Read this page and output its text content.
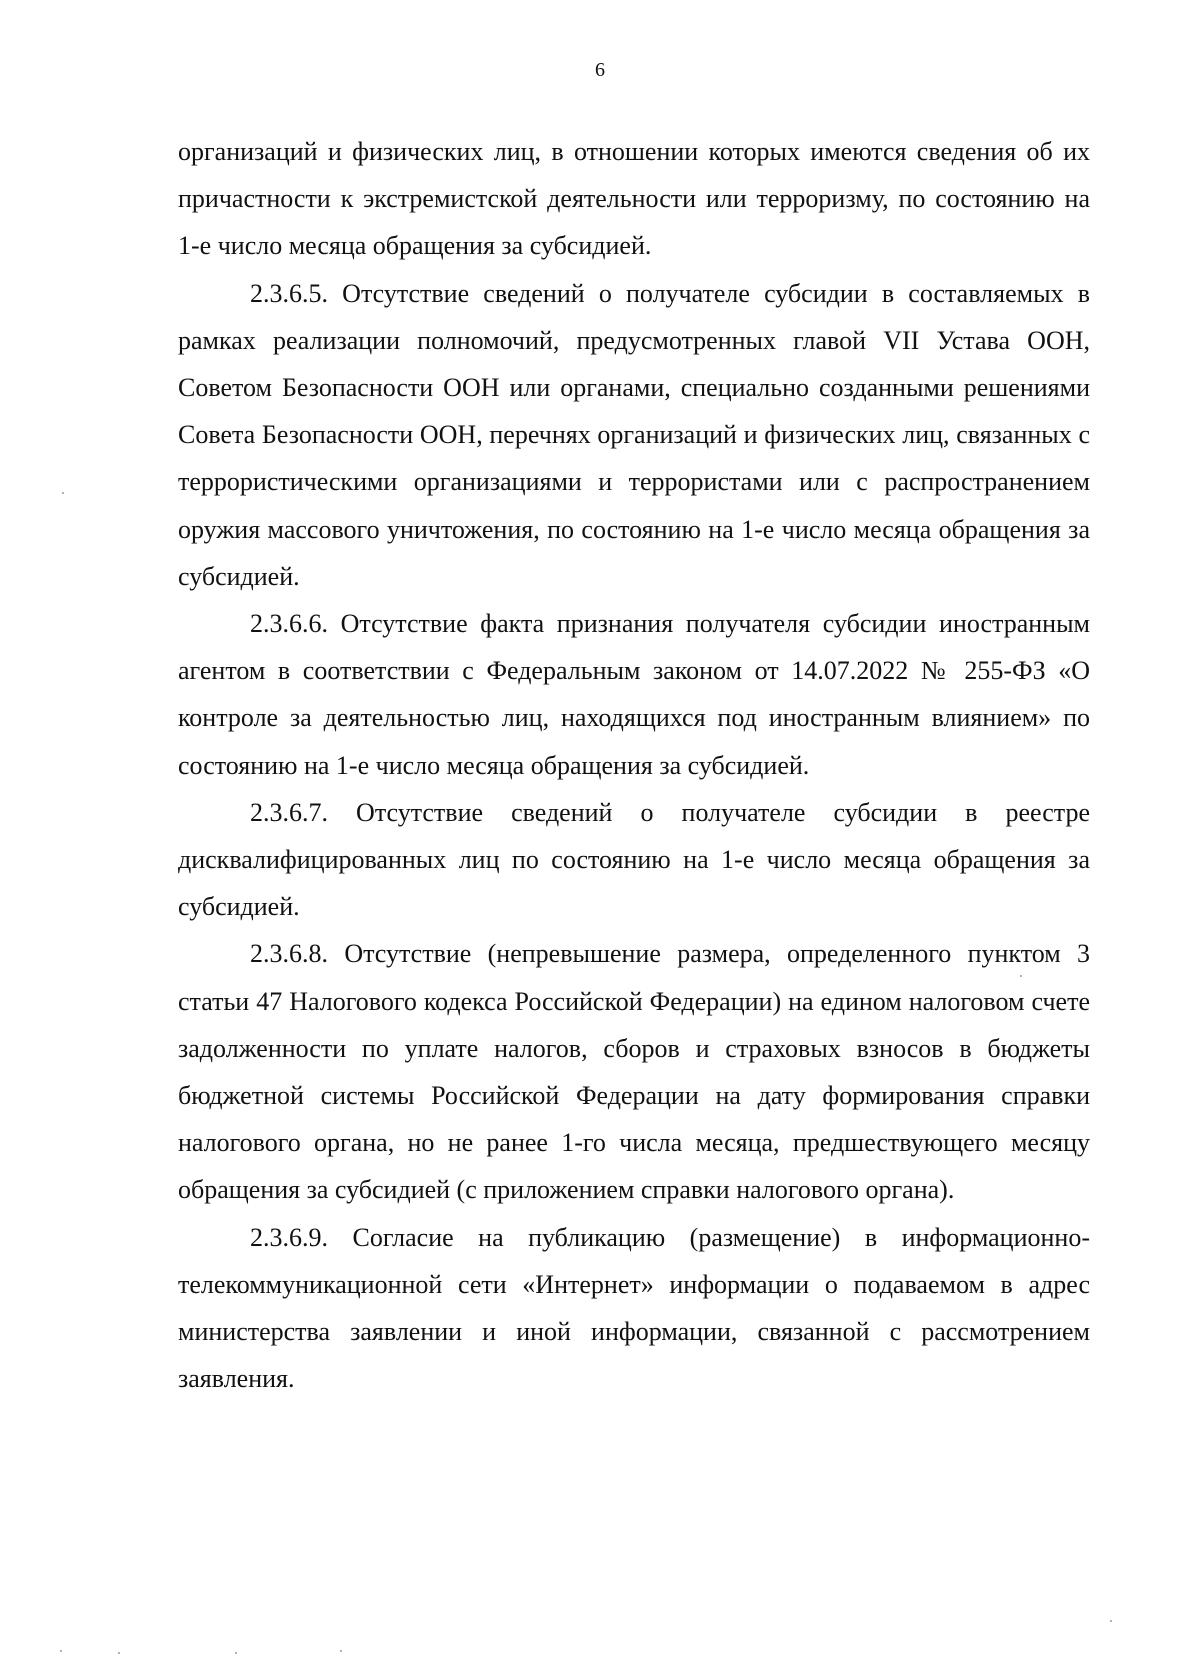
6

организаций и физических лиц, в отношении которых имеются сведения об их причастности к экстремистской деятельности или терроризму, по состоянию на 1-е число месяца обращения за субсидией.

2.3.6.5. Отсутствие сведений о получателе субсидии в составляемых в рамках реализации полномочий, предусмотренных главой VII Устава ООН, Советом Безопасности ООН или органами, специально созданными решениями Совета Безопасности ООН, перечнях организаций и физических лиц, связанных с террористическими организациями и террористами или с распространением оружия массового уничтожения, по состоянию на 1-е число месяца обращения за субсидией.

2.3.6.6. Отсутствие факта признания получателя субсидии иностранным агентом в соответствии с Федеральным законом от 14.07.2022 № 255-ФЗ «О контроле за деятельностью лиц, находящихся под иностранным влиянием» по состоянию на 1-е число месяца обращения за субсидией.

2.3.6.7. Отсутствие сведений о получателе субсидии в реестре дисквалифицированных лиц по состоянию на 1-е число месяца обращения за субсидией.

2.3.6.8. Отсутствие (непревышение размера, определенного пунктом 3 статьи 47 Налогового кодекса Российской Федерации) на едином налоговом счете задолженности по уплате налогов, сборов и страховых взносов в бюджеты бюджетной системы Российской Федерации на дату формирования справки налогового органа, но не ранее 1-го числа месяца, предшествующего месяцу обращения за субсидией (с приложением справки налогового органа).

2.3.6.9. Согласие на публикацию (размещение) в информационно-телекоммуникационной сети «Интернет» информации о подаваемом в адрес министерства заявлении и иной информации, связанной с рассмотрением заявления.
